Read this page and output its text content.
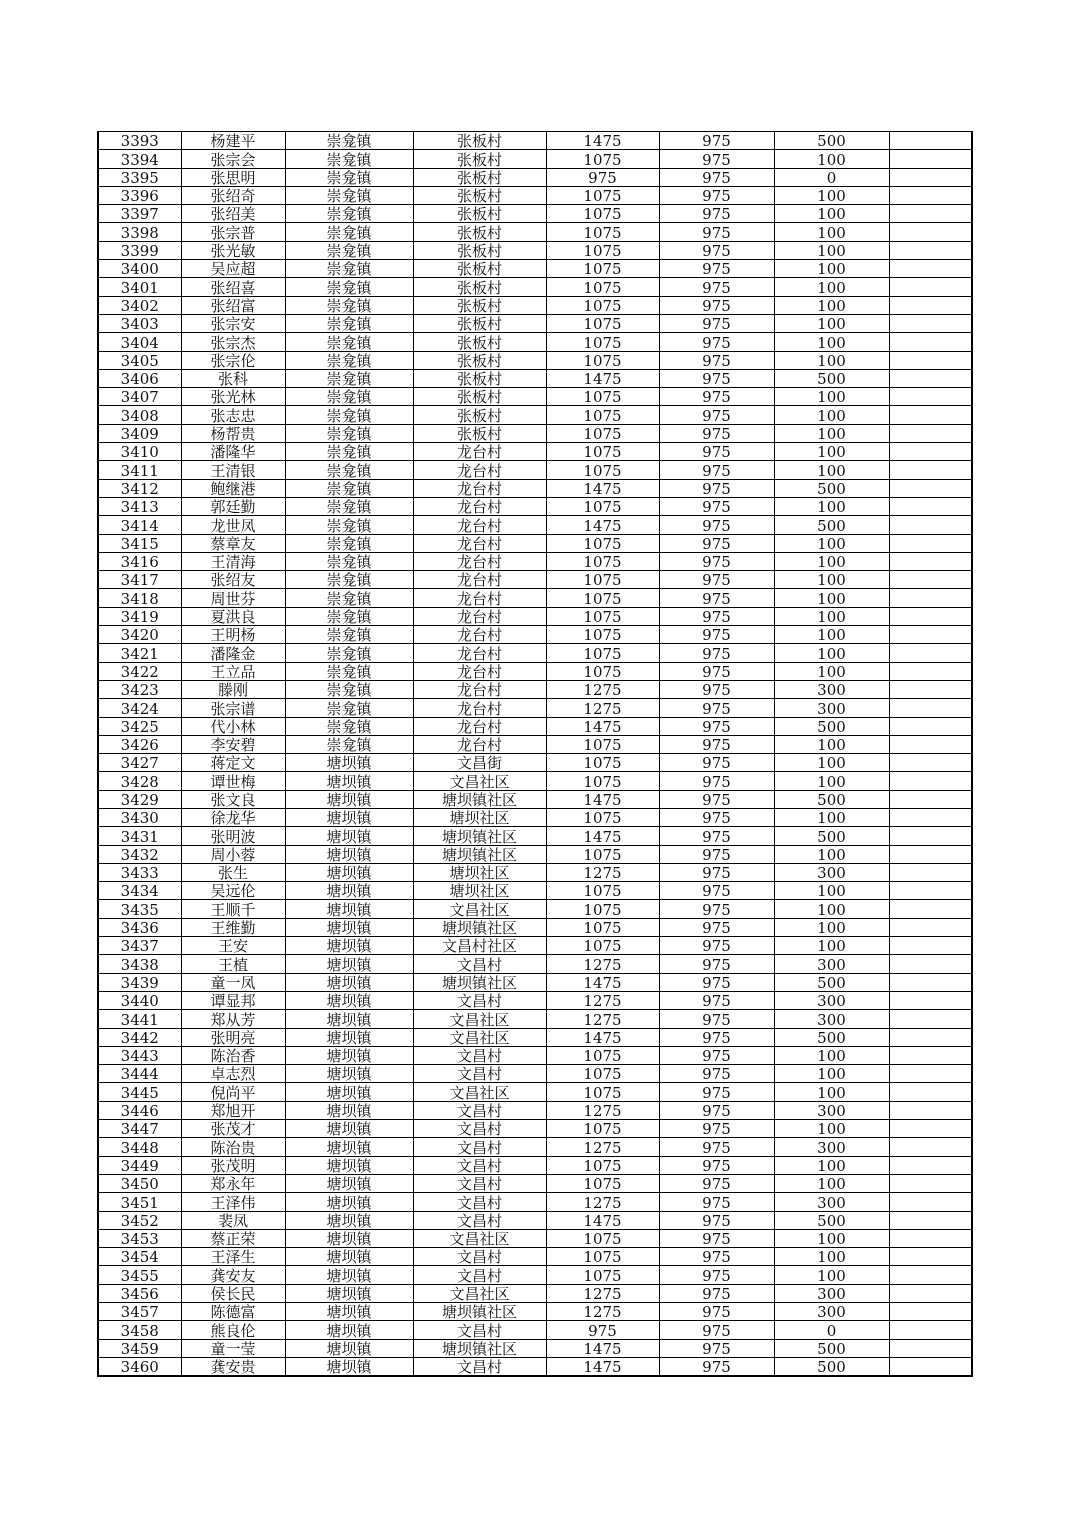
3393	杨建平	崇龛镇	张板村	1475	975	500	
3394	张宗会	崇龛镇	张板村	1075	975	100	
3395	张思明	崇龛镇	张板村	975	975	0	
3396	张绍奇	崇龛镇	张板村	1075	975	100	
3397	张绍美	崇龛镇	张板村	1075	975	100	
3398	张宗普	崇龛镇	张板村	1075	975	100	
3399	张光敏	崇龛镇	张板村	1075	975	100	
3400	吴应超	崇龛镇	张板村	1075	975	100	
3401	张绍喜	崇龛镇	张板村	1075	975	100	
3402	张绍富	崇龛镇	张板村	1075	975	100	
3403	张宗安	崇龛镇	张板村	1075	975	100	
3404	张宗杰	崇龛镇	张板村	1075	975	100	
3405	张宗伦	崇龛镇	张板村	1075	975	100	
3406	张科	崇龛镇	张板村	1475	975	500	
3407	张光林	崇龛镇	张板村	1075	975	100	
3408	张志忠	崇龛镇	张板村	1075	975	100	
3409	杨帮贵	崇龛镇	张板村	1075	975	100	
3410	潘隆华	崇龛镇	龙台村	1075	975	100	
3411	王清银	崇龛镇	龙台村	1075	975	100	
3412	鲍继港	崇龛镇	龙台村	1475	975	500	
3413	郭廷勤	崇龛镇	龙台村	1075	975	100	
3414	龙世凤	崇龛镇	龙台村	1475	975	500	
3415	蔡章友	崇龛镇	龙台村	1075	975	100	
3416	王清海	崇龛镇	龙台村	1075	975	100	
3417	张绍友	崇龛镇	龙台村	1075	975	100	
3418	周世芬	崇龛镇	龙台村	1075	975	100	
3419	夏洪良	崇龛镇	龙台村	1075	975	100	
3420	王明杨	崇龛镇	龙台村	1075	975	100	
3421	潘隆金	崇龛镇	龙台村	1075	975	100	
3422	王立品	崇龛镇	龙台村	1075	975	100	
3423	滕刚	崇龛镇	龙台村	1275	975	300	
3424	张宗谱	崇龛镇	龙台村	1275	975	300	
3425	代小林	崇龛镇	龙台村	1475	975	500	
3426	李安碧	崇龛镇	龙台村	1075	975	100	
3427	蒋定文	塘坝镇	文昌街	1075	975	100	
3428	谭世梅	塘坝镇	文昌社区	1075	975	100	
3429	张文良	塘坝镇	塘坝镇社区	1475	975	500	
3430	徐龙华	塘坝镇	塘坝社区	1075	975	100	
3431	张明波	塘坝镇	塘坝镇社区	1475	975	500	
3432	周小蓉	塘坝镇	塘坝镇社区	1075	975	100	
3433	张生	塘坝镇	塘坝社区	1275	975	300	
3434	吴远伦	塘坝镇	塘坝社区	1075	975	100	
3435	王顺千	塘坝镇	文昌社区	1075	975	100	
3436	王维勤	塘坝镇	塘坝镇社区	1075	975	100	
3437	王安	塘坝镇	文昌村社区	1075	975	100	
3438	王植	塘坝镇	文昌村	1275	975	300	
3439	童一凤	塘坝镇	塘坝镇社区	1475	975	500	
3440	谭显邦	塘坝镇	文昌村	1275	975	300	
3441	郑从芳	塘坝镇	文昌社区	1275	975	300	
3442	张明亮	塘坝镇	文昌社区	1475	975	500	
3443	陈治香	塘坝镇	文昌村	1075	975	100	
3444	卓志烈	塘坝镇	文昌村	1075	975	100	
3445	倪尚平	塘坝镇	文昌社区	1075	975	100	
3446	郑旭开	塘坝镇	文昌村	1275	975	300	
3447	张茂才	塘坝镇	文昌村	1075	975	100	
3448	陈治贵	塘坝镇	文昌村	1275	975	300	
3449	张茂明	塘坝镇	文昌村	1075	975	100	
3450	郑永年	塘坝镇	文昌村	1075	975	100	
3451	王泽伟	塘坝镇	文昌村	1275	975	300	
3452	裴凤	塘坝镇	文昌村	1475	975	500	
3453	蔡正荣	塘坝镇	文昌社区	1075	975	100	
3454	王泽生	塘坝镇	文昌村	1075	975	100	
3455	龚安友	塘坝镇	文昌村	1075	975	100	
3456	侯长民	塘坝镇	文昌社区	1275	975	300	
3457	陈德富	塘坝镇	塘坝镇社区	1275	975	300	
3458	熊良伦	塘坝镇	文昌村	975	975	0	
3459	童一莹	塘坝镇	塘坝镇社区	1475	975	500	
3460	龚安贵	塘坝镇	文昌村	1475	975	500	
